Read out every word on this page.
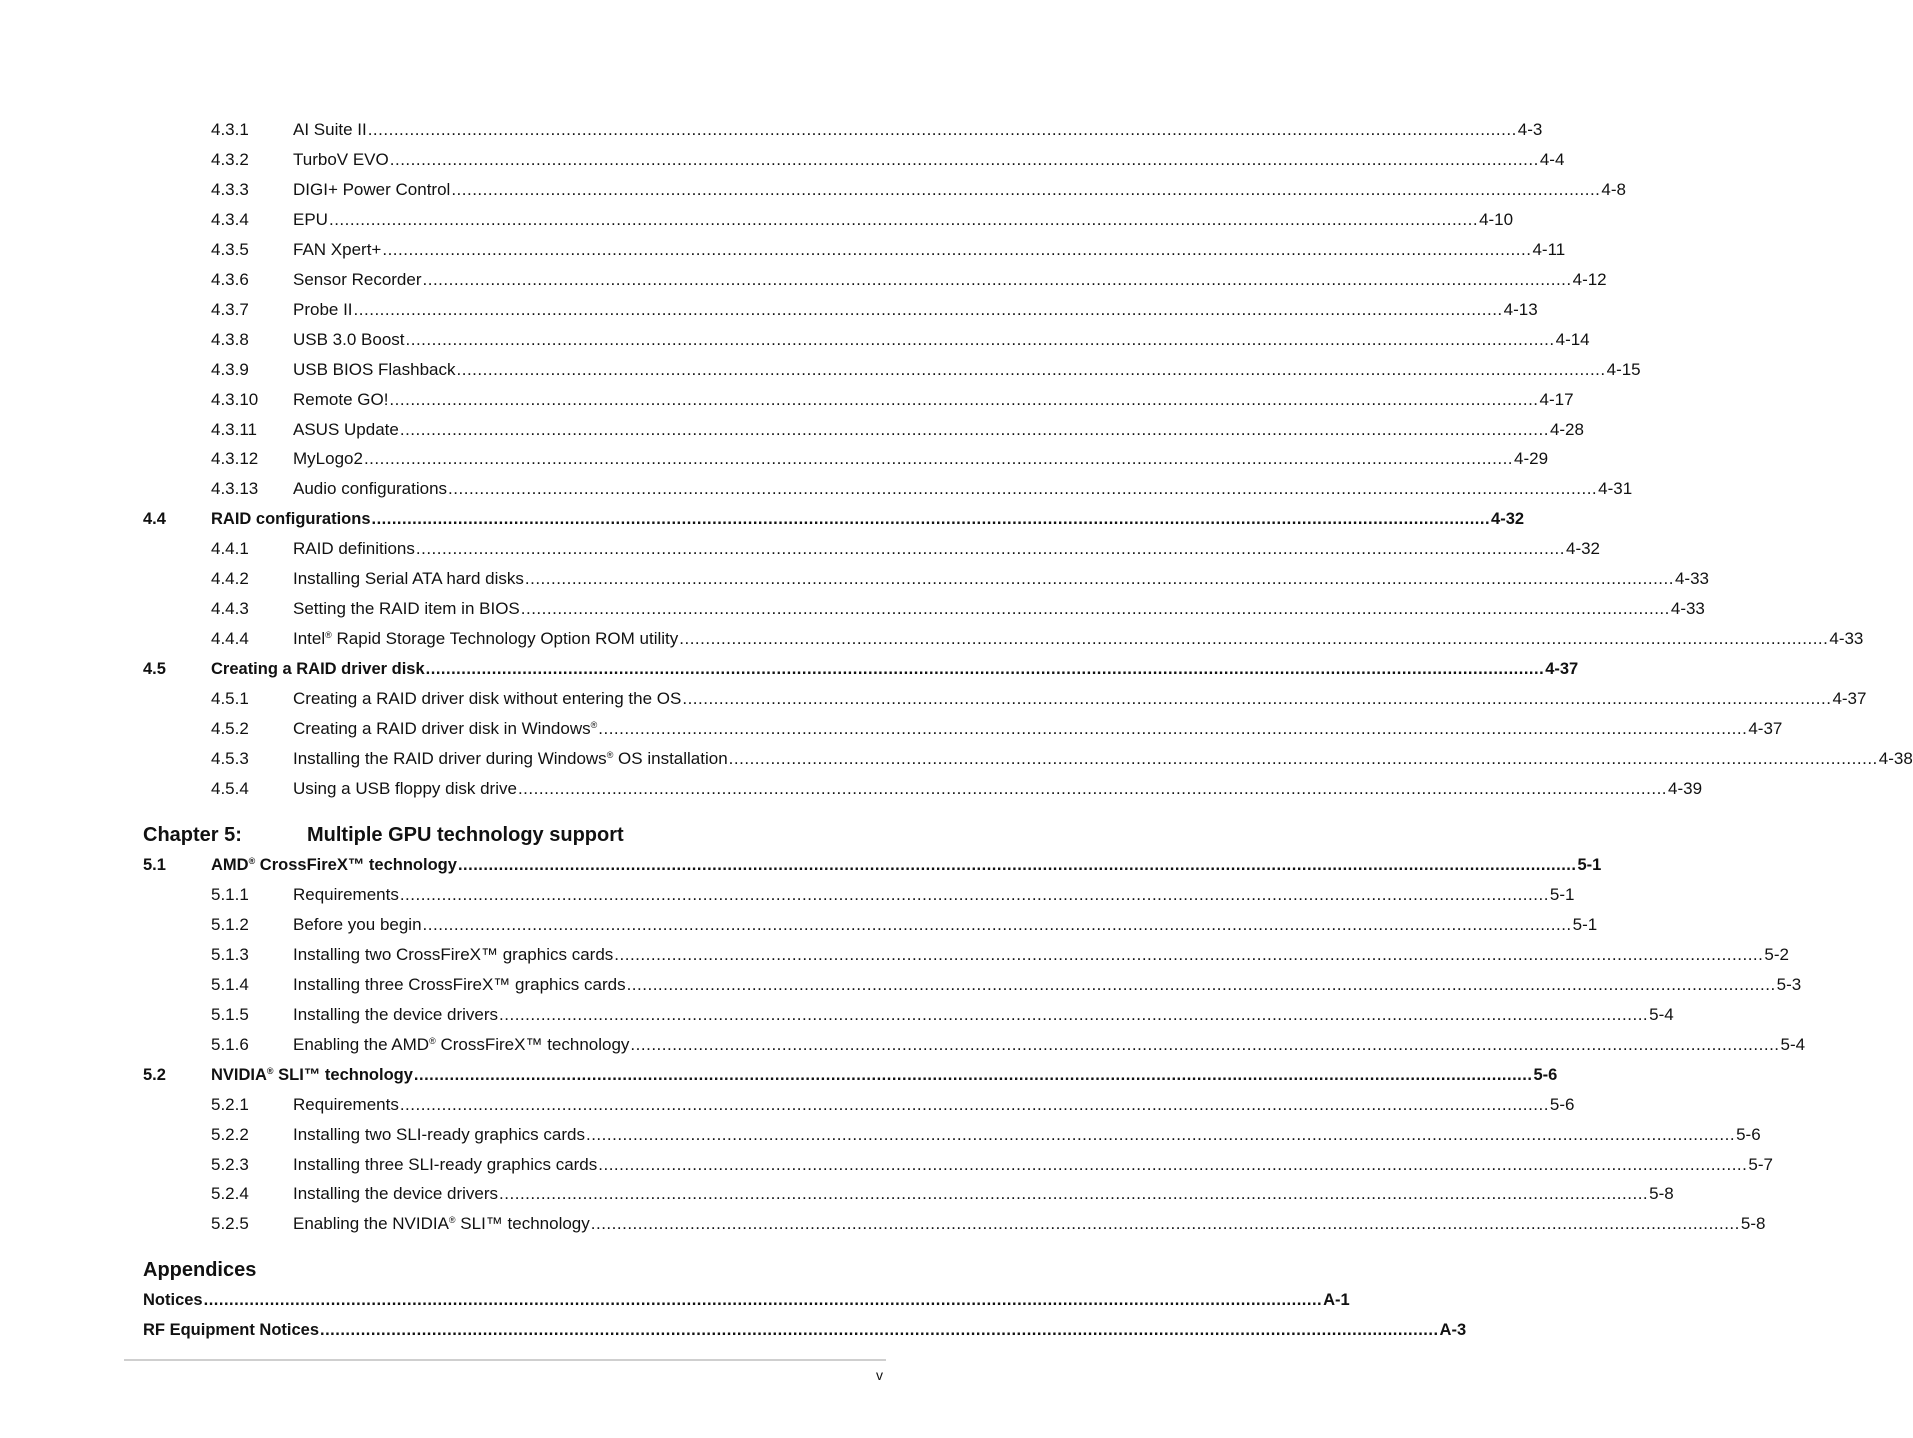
4.3.1	AI Suite II ............................................................................................................................................................................................................................ 4-3
4.3.2	TurboV EVO ............................................................................................................................................................................................................................ 4-4
4.3.3	DIGI+ Power Control ............................................................................................................................................................................................................................ 4-8
4.3.4	EPU ............................................................................................................................................................................................................................ 4-10
4.3.5	FAN Xpert+ ............................................................................................................................................................................................................................ 4-11
4.3.6	Sensor Recorder ............................................................................................................................................................................................................................ 4-12
4.3.7	Probe II ............................................................................................................................................................................................................................ 4-13
4.3.8	USB 3.0 Boost ............................................................................................................................................................................................................................ 4-14
4.3.9	USB BIOS Flashback ............................................................................................................................................................................................................................ 4-15
4.3.10	Remote GO! ............................................................................................................................................................................................................................ 4-17
4.3.11	ASUS Update ............................................................................................................................................................................................................................ 4-28
4.3.12	MyLogo2 ............................................................................................................................................................................................................................ 4-29
4.3.13	Audio configurations ............................................................................................................................................................................................................................ 4-31
4.4	RAID configurations ............................................................................................................................................................................................................................ 4-32
4.4.1	RAID definitions ............................................................................................................................................................................................................................ 4-32
4.4.2	Installing Serial ATA hard disks ............................................................................................................................................................................................................................ 4-33
4.4.3	Setting the RAID item in BIOS ............................................................................................................................................................................................................................ 4-33
4.4.4	Intel® Rapid Storage Technology Option ROM utility ............................................................................................................................................................................................................................ 4-33
4.5	Creating a RAID driver disk ............................................................................................................................................................................................................................ 4-37
4.5.1	Creating a RAID driver disk without entering the OS ............................................................................................................................................................................................................................ 4-37
4.5.2	Creating a RAID driver disk in Windows® ............................................................................................................................................................................................................................ 4-37
4.5.3	Installing the RAID driver during Windows® OS installation ............................................................................................................................................................................................................................ 4-38
4.5.4	Using a USB floppy disk drive ............................................................................................................................................................................................................................ 4-39
5.1	AMD® CrossFireX™ technology ............................................................................................................................................................................................................................ 5-1
5.1.1	Requirements ............................................................................................................................................................................................................................ 5-1
5.1.2	Before you begin ............................................................................................................................................................................................................................ 5-1
5.1.3	Installing two CrossFireX™ graphics cards ............................................................................................................................................................................................................................ 5-2
5.1.4	Installing three CrossFireX™ graphics cards ............................................................................................................................................................................................................................ 5-3
5.1.5	Installing the device drivers ............................................................................................................................................................................................................................ 5-4
5.1.6	Enabling the AMD® CrossFireX™ technology ............................................................................................................................................................................................................................ 5-4
5.2	NVIDIA® SLI™ technology ............................................................................................................................................................................................................................ 5-6
5.2.1	Requirements ............................................................................................................................................................................................................................ 5-6
5.2.2	Installing two SLI-ready graphics cards ............................................................................................................................................................................................................................ 5-6
5.2.3	Installing three SLI-ready graphics cards ............................................................................................................................................................................................................................ 5-7
5.2.4	Installing the device drivers ............................................................................................................................................................................................................................ 5-8
5.2.5	Enabling the NVIDIA® SLI™ technology ............................................................................................................................................................................................................................ 5-8
Notices ............................................................................................................................................................................................................................ A-1
RF Equipment Notices ............................................................................................................................................................................................................................ A-3
Chapter 5:	Multiple GPU technology support
Appendices
v
